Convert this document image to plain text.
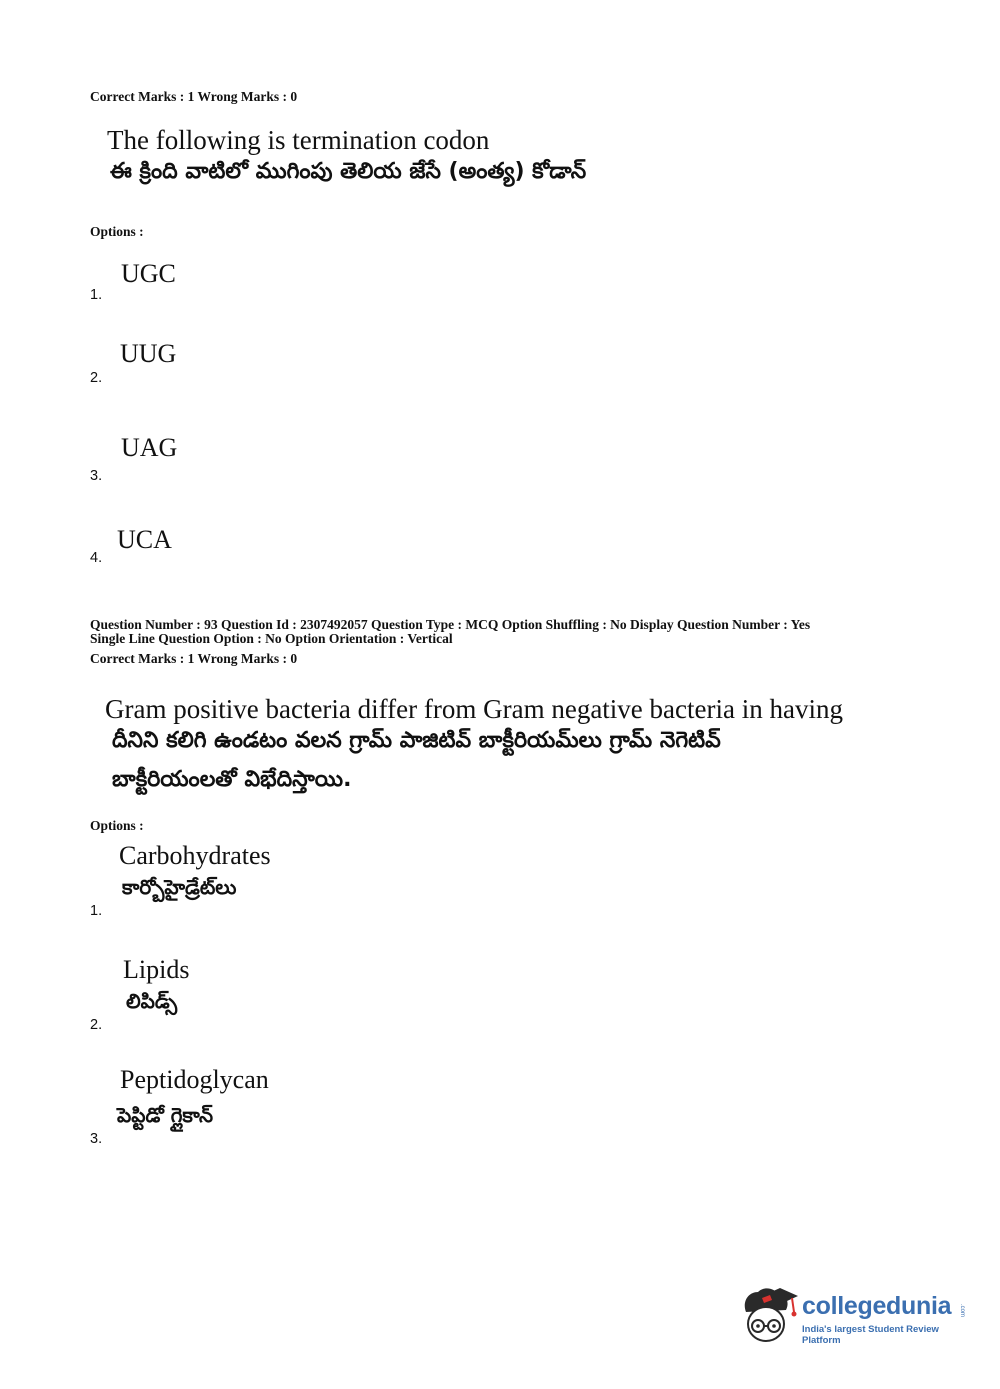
Correct Marks : 1 Wrong Marks : 0
The following is termination codon
ఈ క్రింది వాటిలో ముగింపు తెలియ జేసే (అంత్య) కోడాన్
Options :
UGC
1.
UUG
2.
UAG
3.
UCA
4.
Question Number : 93 Question Id : 2307492057 Question Type : MCQ Option Shuffling : No Display Question Number : Yes
Single Line Question Option : No Option Orientation : Vertical
Correct Marks : 1 Wrong Marks : 0
Gram positive bacteria differ from Gram negative bacteria in having
దీనిని కలిగి ఉండటం వలన గ్రామ్ పాజిటివ్ బాక్టీరియమ్‌లు గ్రామ్ నెగెటివ్
బాక్టీరియంలతో విభేదిస్తాయి.
Options :
Carbohydrates
కార్బోహైడ్రేట్‌లు
1.
Lipids
లిపిడ్స్
2.
Peptidoglycan
పెప్టిడో గ్లైకాన్
3.
collegedunia .com
India's largest Student Review Platform
